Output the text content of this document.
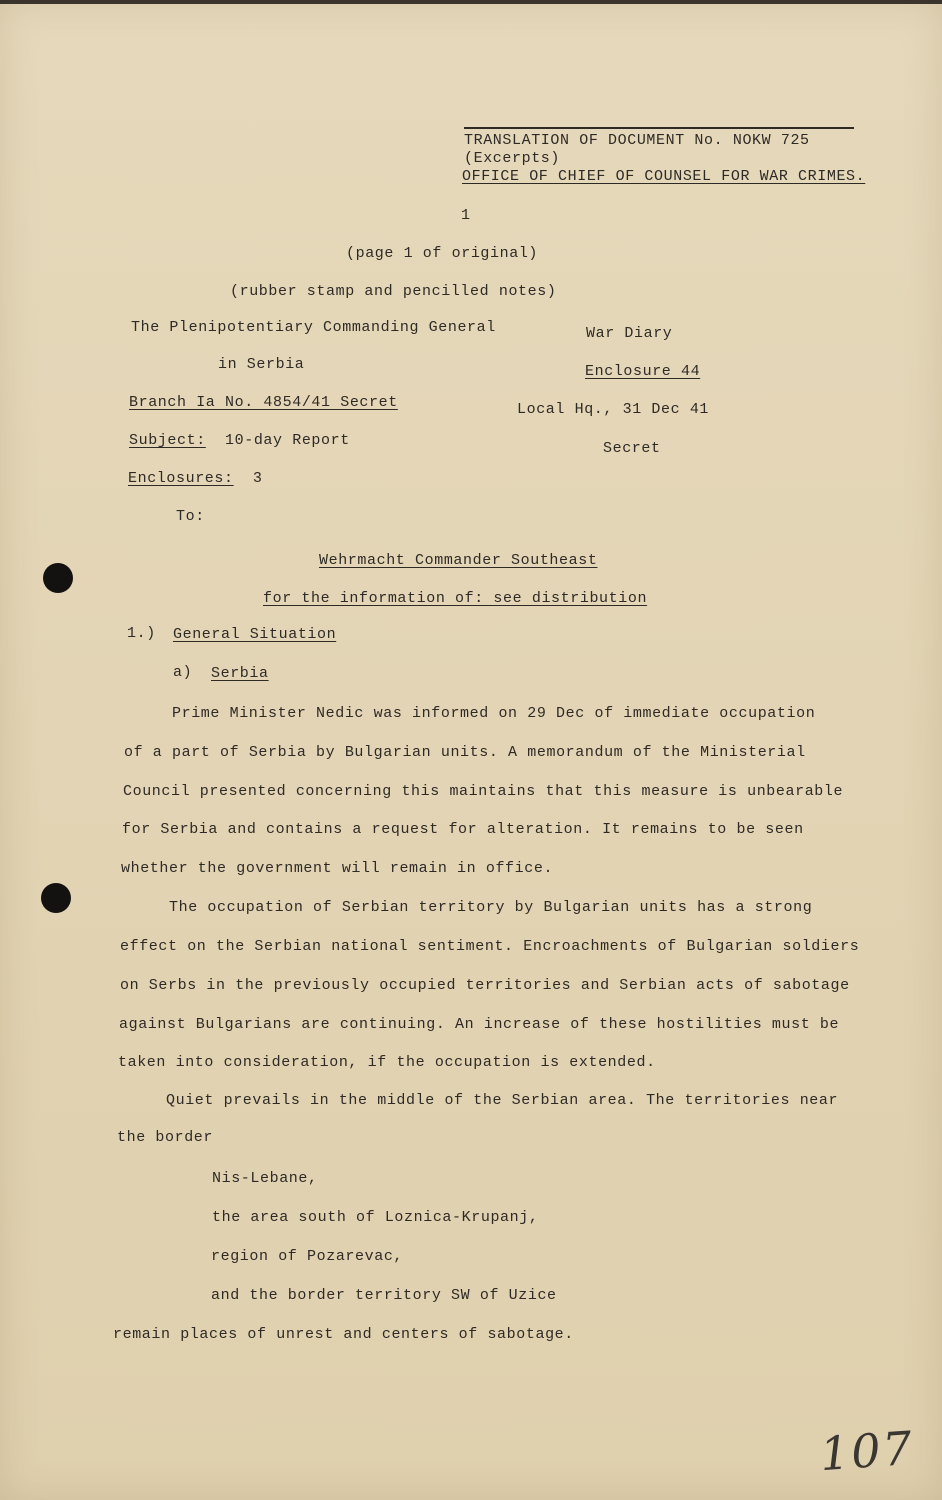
TRANSLATION OF DOCUMENT No. NOKW 725
(Excerpts)
OFFICE OF CHIEF OF COUNSEL FOR WAR CRIMES.
1
(page 1 of original)
(rubber stamp and pencilled notes)
The Plenipotentiary Commanding General
in Serbia
Branch Ia No. 4854/41 Secret
Subject: 10-day Report
Enclosures: 3
War Diary
Enclosure 44
Local Hq., 31 Dec 41
Secret
To:
Wehrmacht Commander Southeast
for the information of: see distribution
1.) General Situation
a) Serbia
Prime Minister Nedic was informed on 29 Dec of immediate occupation
of a part of Serbia by Bulgarian units. A memorandum of the Ministerial
Council presented concerning this maintains that this measure is unbearable
for Serbia and contains a request for alteration. It remains to be seen
whether the government will remain in office.
The occupation of Serbian territory by Bulgarian units has a strong
effect on the Serbian national sentiment. Encroachments of Bulgarian soldiers
on Serbs in the previously occupied territories and Serbian acts of sabotage
against Bulgarians are continuing. An increase of these hostilities must be
taken into consideration, if the occupation is extended.
Quiet prevails in the middle of the Serbian area. The territories near
the border
Nis-Lebane,
the area south of Loznica-Krupanj,
region of Pozarevac,
and the border territory SW of Uzice
remain places of unrest and centers of sabotage.
107
